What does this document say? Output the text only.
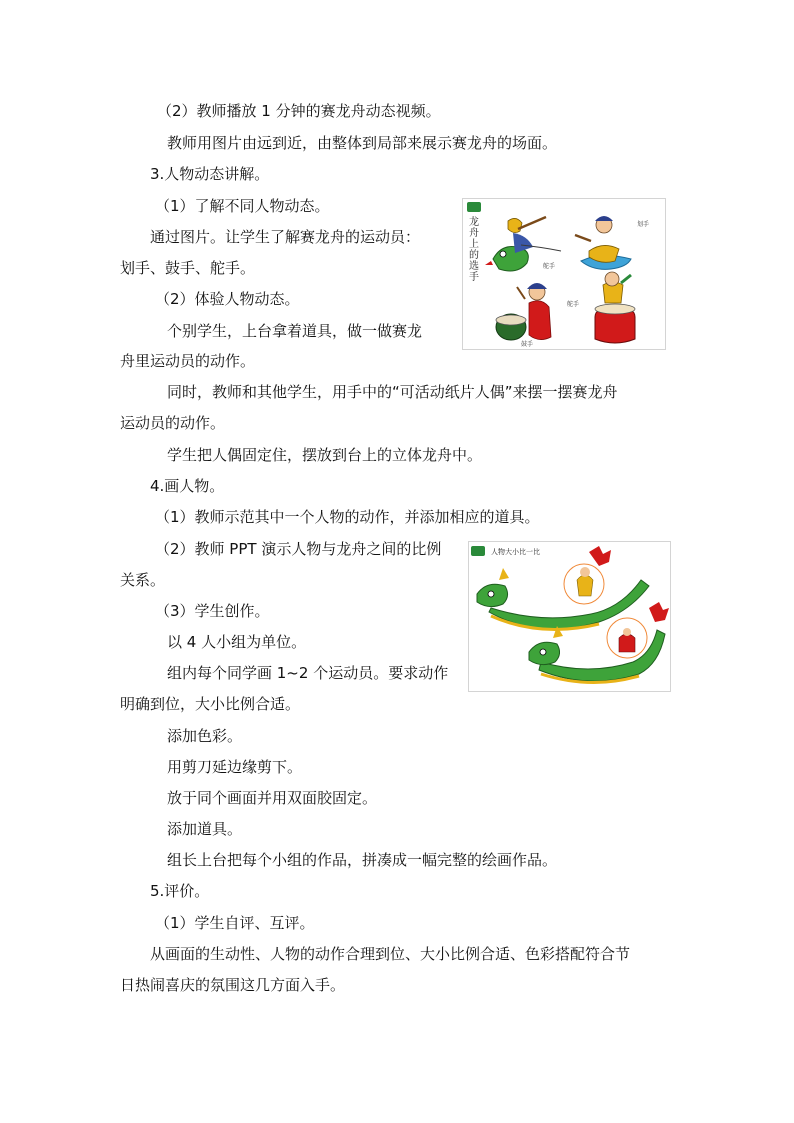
（2）教师播放 1 分钟的赛龙舟动态视频。
教师用图片由远到近，由整体到局部来展示赛龙舟的场面。
3.人物动态讲解。
（1）了解不同人物动态。
通过图片。让学生了解赛龙舟的运动员：
划手、鼓手、舵手。
（2）体验人物动态。
个别学生，上台拿着道具，做一做赛龙
舟里运动员的动作。
同时，教师和其他学生，用手中的“可活动纸片人偶”来摆一摆赛龙舟
运动员的动作。
学生把人偶固定住，摆放到台上的立体龙舟中。
4.画人物。
（1）教师示范其中一个人物的动作，并添加相应的道具。
（2）教师 PPT 演示人物与龙舟之间的比例
关系。
（3）学生创作。
以 4 人小组为单位。
组内每个同学画 1~2 个运动员。要求动作
明确到位，大小比例合适。
添加色彩。
用剪刀延边缘剪下。
放于同个画面并用双面胶固定。
添加道具。
组长上台把每个小组的作品，拼凑成一幅完整的绘画作品。
5.评价。
（1）学生自评、互评。
从画面的生动性、人物的动作合理到位、大小比例合适、色彩搭配符合节
日热闹喜庆的氛围这几方面入手。
龙舟上的选手
划手
舵手
鼓手
舵手
人物大小比一比
